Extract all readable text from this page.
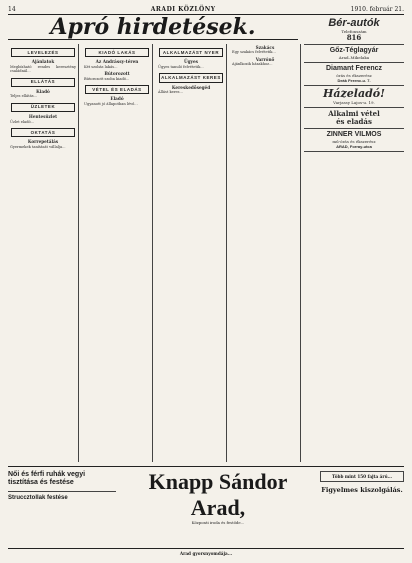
14	ARADI KÖZLÖNY	1910. február 21.
Apró hirdetések.
LEVELEZÉS
Ajánlatok
Megbízható rendes keresztény családnál...
ELLÁTÁS
Kiadó
Teljes ellátás...
ÜZLETEK
Hentesüzlet
Üzlet eladó...
OKTATÁS
Korrepetálás
Gyermekek tanítását vállalja...
KIADÓ LAKÁS
Az Andrássy-téren
Két szobás lakás...
Bútorozott
Bútorozott szoba kiadó...
VÉTEL ÉS ELADÁS
Eladó
Ugyanott jó állapotban lévő...
ALKALMAZÁST NYER
Ügyes
Ügyes tanuló felvétetik...
ALKALMAZÁST KERES
Kereskedősegéd
Állást keres...
Szakács
Egy szakács felvétetik...
Varrónő
Ajánlkozik házakhoz...
Bér-autók
Telefonszám
816
Gőz-Téglagyár
Arad–Mikelaka
Diamant Ferencz
órás és ékszerész
Deák Ferenc-u. 7.
Házeladó!
Varjassy Lajos-u. 19.
Alkalmi vétel
és eladás
ZINNER VILMOS
mű-órás és ékszerész
ARAD, Forray-utca
Női és férfi ruhák vegyi tisztítása és festése
Struccztollak festése
Knapp Sándor Arad,
Központi iroda és festőde...
Több mint 150 fajta árú...
Figyelmes kiszolgálás.
Arad gyorsnyomdája...
